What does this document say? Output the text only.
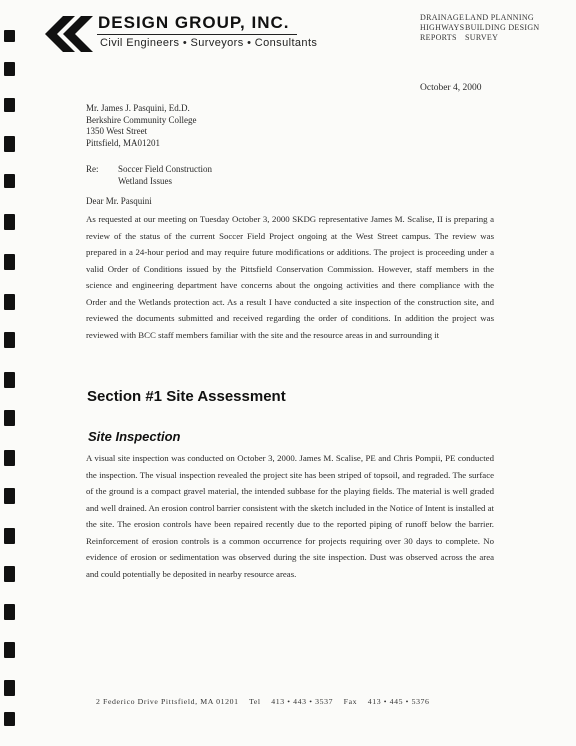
DESIGN GROUP, INC.
Civil Engineers • Surveyors • Consultants
DRAINAGE
HIGHWAYS
REPORTS
LAND PLANNING
BUILDING DESIGN
SURVEY
October 4, 2000
Mr. James J. Pasquini, Ed.D.
Berkshire Community College
1350 West Street
Pittsfield, MA01201
Re: Soccer Field Construction
Wetland Issues
Dear Mr. Pasquini

As requested at our meeting on Tuesday October 3, 2000 SKDG representative James M. Scalise, II is preparing a review of the status of the current Soccer Field Project ongoing at the West Street campus. The review was prepared in a 24-hour period and may require future modifications or additions. The project is proceeding under a valid Order of Conditions issued by the Pittsfield Conservation Commission. However, staff members in the science and engineering department have concerns about the ongoing activities and there compliance with the Order and the Wetlands protection act. As a result I have conducted a site inspection of the construction site, and reviewed the documents submitted and received regarding the order of conditions. In addition the project was reviewed with BCC staff members familiar with the site and the resource areas in and surrounding it

Section #1 Site Assessment
Site Inspection

A visual site inspection was conducted on October 3, 2000. James M. Scalise, PE and Chris Pompii, PE conducted the inspection. The visual inspection revealed the project site has been striped of topsoil, and regraded. The surface of the ground is a compact gravel material, the intended subbase for the playing fields. The material is well graded and well drained. An erosion control barrier consistent with the sketch included in the Notice of Intent is installed at the site. The erosion controls have been repaired recently due to the reported piping of runoff below the barrier. Reinforcement of erosion controls is a common occurrence for projects requiring over 30 days to complete. No evidence of erosion or sedimentation was observed during the site inspection. Dust was observed across the area and could potentially be deposited in nearby resource areas.

2 Federico Drive Pittsfield, MA 01201 Tel 413 • 443 • 3537 Fax 413 • 445 • 5376
